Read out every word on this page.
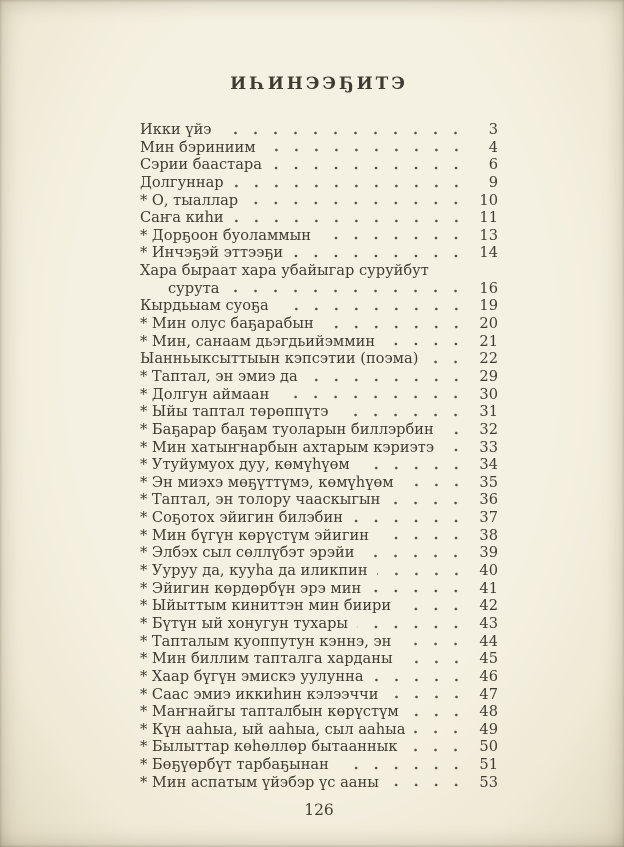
ИҺИНЭЭҔИТЭ
Икки үйэ	3
Мин бэриниим	4
Сэрии баастара	6
Долгуннар	9
* О, тыаллар	10
Саҥа киһи	11
* Дорҕоон буоламмын	13
* Инчэҕэй эттээҕи	14
Хара быраат хара убайыгар суруйбут
сурута	16
Кырдьыам суоҕа	19
* Мин олус баҕарабын	20
* Мин, санаам дьэгдьийэммин	21
Ыанньыксыттыын кэпсэтии (поэма)	22
* Таптал, эн эмиэ да	29
* Долгун аймаан	30
* Ыйы таптал төрөппүтэ	31
* Баҕарар баҕам туоларын биллэрбин	32
* Мин хатыҥнарбын ахтарым кэриэтэ	33
* Утуйумуох дуу, көмүһүөм	34
* Эн миэхэ мөҕүттүмэ, көмүһүөм	35
* Таптал, эн толору чааскыгын	36
* Соҕотох эйигин билэбин	37
* Мин бүгүн көрүстүм эйигин	38
* Элбэх сыл сөллүбэт эрэйи	39
* Ууруу да, кууһа да иликпин	40
* Эйигин көрдөрбүн эрэ мин	41
* Ыйыттым киниттэн мин биири	42
* Бүтүн ый хонугун тухары	43
* Тапталым куоппутун кэннэ, эн	44
* Мин биллим тапталга харданы	45
* Хаар бүгүн эмискэ уулунна	46
* Саас эмиэ иккиһин кэлээччи	47
* Маҥнайгы тапталбын көрүстүм	48
* Күн ааһыа, ый ааһыа, сыл ааһыа	49
* Былыттар көһөллөр бытааннык	50
* Бөҕүөрбүт тарбаҕынан	51
* Мин аспатым үйэбэр үс ааны	53
126
